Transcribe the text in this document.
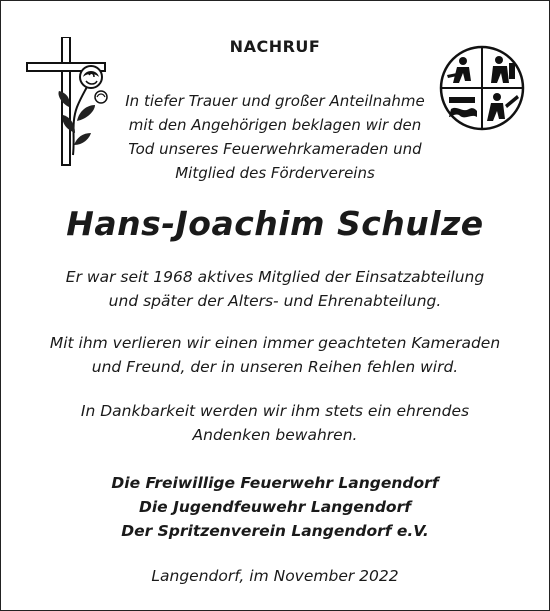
NACHRUF
In tiefer Trauer und großer Anteilnahme
mit den Angehörigen beklagen wir den
Tod unseres Feuerwehrkameraden und
Mitglied des Fördervereins
Hans-Joachim Schulze
Er war seit 1968 aktives Mitglied der Einsatzabteilung
und später der Alters- und Ehrenabteilung.
Mit ihm verlieren wir einen immer geachteten Kameraden
und Freund, der in unseren Reihen fehlen wird.
In Dankbarkeit werden wir ihm stets ein ehrendes
Andenken bewahren.
Die Freiwillige Feuerwehr Langendorf
Die Jugendfeuwehr Langendorf
Der Spritzenverein Langendorf e.V.
Langendorf, im November 2022
